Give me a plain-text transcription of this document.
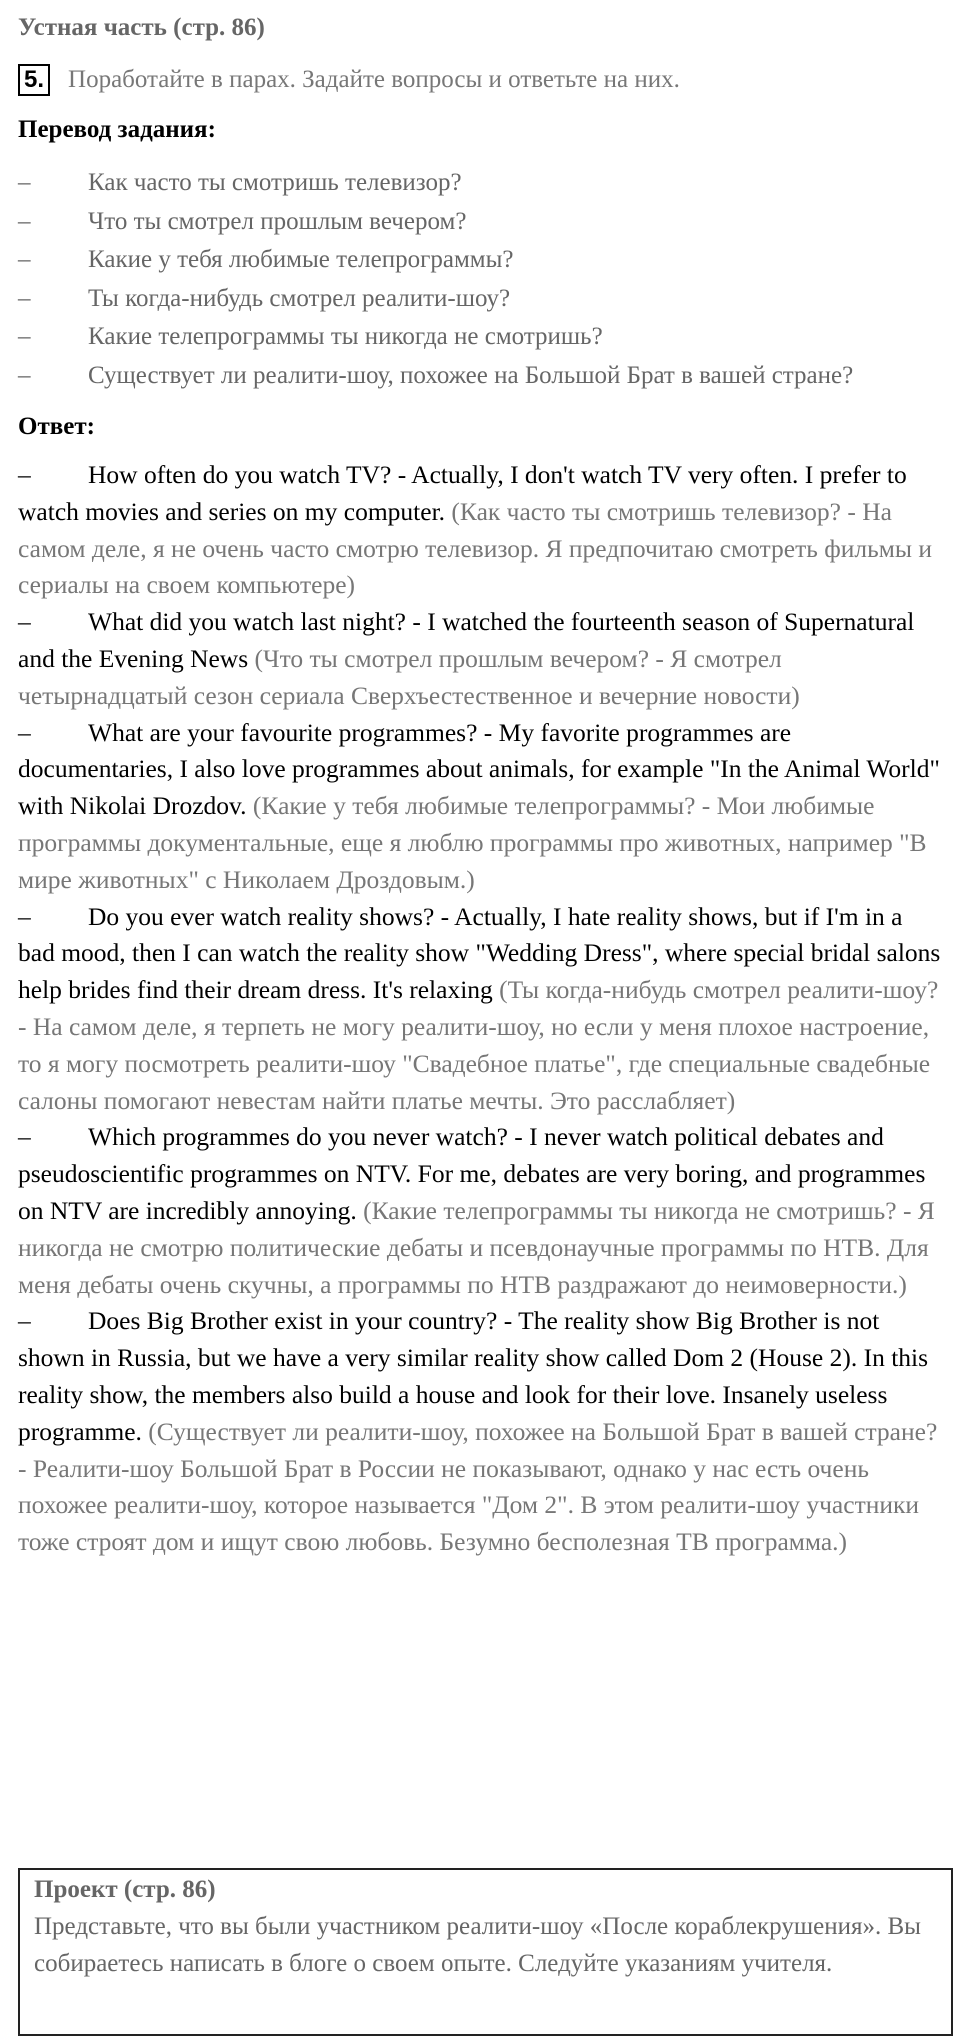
Устная часть (стр. 86)
5. Поработайте в парах. Задайте вопросы и ответьте на них.
Перевод задания:
– Как часто ты смотришь телевизор?
– Что ты смотрел прошлым вечером?
– Какие у тебя любимые телепрограммы?
– Ты когда-нибудь смотрел реалити-шоу?
– Какие телепрограммы ты никогда не смотришь?
– Существует ли реалити-шоу, похожее на Большой Брат в вашей стране?
Ответ:
– How often do you watch TV? - Actually, I don't watch TV very often. I prefer to watch movies and series on my computer. (Как часто ты смотришь телевизор? - На самом деле, я не очень часто смотрю телевизор. Я предпочитаю смотреть фильмы и сериалы на своем компьютере)
– What did you watch last night? - I watched the fourteenth season of Supernatural and the Evening News (Что ты смотрел прошлым вечером? - Я смотрел четырнадцатый сезон сериала Сверхъестественное и вечерние новости)
– What are your favourite programmes? - My favorite programmes are documentaries, I also love programmes about animals, for example "In the Animal World" with Nikolai Drozdov. (Какие у тебя любимые телепрограммы? - Мои любимые программы документальные, еще я люблю программы про животных, например "В мире животных" с Николаем Дроздовым.)
– Do you ever watch reality shows? - Actually, I hate reality shows, but if I'm in a bad mood, then I can watch the reality show "Wedding Dress", where special bridal salons help brides find their dream dress. It's relaxing (Ты когда-нибудь смотрел реалити-шоу? - На самом деле, я терпеть не могу реалити-шоу, но если у меня плохое настроение, то я могу посмотреть реалити-шоу "Свадебное платье", где специальные свадебные салоны помогают невестам найти платье мечты. Это расслабляет)
– Which programmes do you never watch? - I never watch political debates and pseudoscientific programmes on NTV. For me, debates are very boring, and programmes on NTV are incredibly annoying. (Какие телепрограммы ты никогда не смотришь? - Я никогда не смотрю политические дебаты и псевдонаучные программы по НТВ. Для меня дебаты очень скучны, а программы по НТВ раздражают до неимоверности.)
– Does Big Brother exist in your country? - The reality show Big Brother is not shown in Russia, but we have a very similar reality show called Dom 2 (House 2). In this reality show, the members also build a house and look for their love. Insanely useless programme. (Существует ли реалити-шоу, похожее на Большой Брат в вашей стране? - Реалити-шоу Большой Брат в России не показывают, однако у нас есть очень похожее реалити-шоу, которое называется "Дом 2". В этом реалити-шоу участники тоже строят дом и ищут свою любовь. Безумно бесполезная ТВ программа.)
Проект (стр. 86)
Представьте, что вы были участником реалити-шоу «После кораблекрушения». Вы собираетесь написать в блоге о своем опыте. Следуйте указаниям учителя.
